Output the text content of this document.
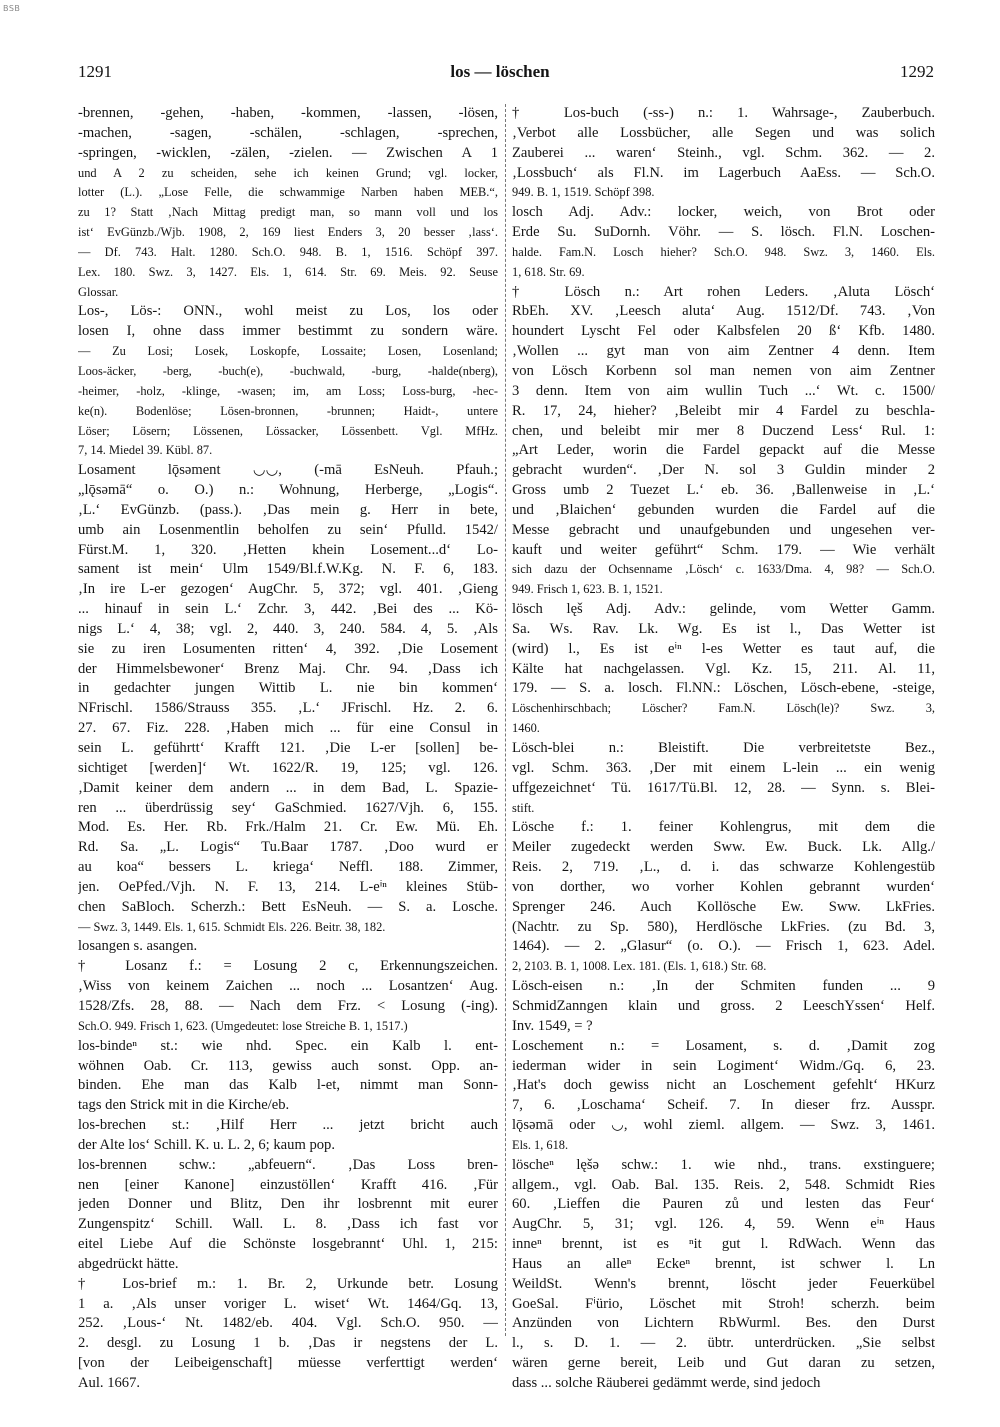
BSB
1291	los — löschen	1292
-brennen, -gehen, -haben, -kommen, -lassen, -lösen,
-machen, -sagen, -schälen, -schlagen, -sprechen,
-springen, -wicklen, -zälen, -zielen. — Zwischen A 1
und A 2 zu scheiden, sehe ich keinen Grund; vgl. locker,
lotter (L.). „Lose Felle, die schwammige Narben haben MEB.“,
zu 1? Statt ‚Nach Mittag predigt man, so mann voll und los
ist‘ EvGünzb./Wjb. 1908, 2, 169 liest Enders 3, 20 besser ‚lass‘.
— Df. 743. Halt. 1280. Sch.O. 948. B. 1, 1516. Schöpf 397.
Lex. 180. Swz. 3, 1427. Els. 1, 614. Str. 69. Meis. 92. Seuse
Glossar.
Los-, Lös-: ONN., wohl meist zu Los, los oder
losen I, ohne dass immer bestimmt zu sondern wäre.
— Zu Losi; Losek, Loskopfe, Lossaite; Losen, Losenland;
Loos-äcker, -berg, -buch(e), -buchwald, -burg, -halde(nberg),
-heimer, -holz, -klinge, -wasen; im, am Loss; Loss-burg, -hec-
ke(n). Bodenlöse; Lösen-bronnen, -brunnen; Haidt-, untere
Löser; Lösern; Lössenen, Lössacker, Lössenbett. Vgl. MfHz.
7, 14. Miedel 39. Kübl. 87.
Losament lǭsəment ◡◡, (-mā EsNeuh. Pfauh.;
„lǭsəmā“ o. O.) n.: Wohnung, Herberge, „Logis“.
‚L.‘ EvGünzb. (pass.). ‚Das mein g. Herr in bete,
umb ain Losenmentlin beholfen zu sein‘ Pfulld. 1542/
Fürst.M. 1, 320. ‚Hetten khein Losement...d‘ Lo-
sament ist mein‘ Ulm 1549/Bl.f.W.Kg. N. F. 6, 183.
‚In ire L-er gezogen‘ AugChr. 5, 372; vgl. 401. ‚Gieng
... hinauf in sein L.‘ Zchr. 3, 442. ‚Bei des ... Kö-
nigs L.‘ 4, 38; vgl. 2, 440. 3, 240. 584. 4, 5. ‚Als
sie zu iren Losumenten ritten‘ 4, 392. ‚Die Losement
der Himmelsbewoner‘ Brenz Maj. Chr. 94. ‚Dass ich
in gedachter jungen Wittib L. nie bin kommen‘
NFrischl. 1586/Strauss 355. ‚L.‘ JFrischl. Hz. 2. 6.
27. 67. Fiz. 228. ‚Haben mich ... für eine Consul in
sein L. geführtt‘ Krafft 121. ‚Die L-er [sollen] be-
sichtiget [werden]‘ Wt. 1622/R. 19, 125; vgl. 126.
‚Damit keiner dem andern ... in dem Bad, L. Spazie-
ren ... überdrüssig sey‘ GaSchmied. 1627/Vjh. 6, 155.
Mod. Es. Her. Rb. Frk./Halm 21. Cr. Ew. Mü. Eh.
Rd. Sa. „L. Logis“ Tu.Baar 1787. ‚Doo wurd er
au koa“ bessers L. kriega‘ Neffl. 188. Zimmer,
jen. OePfed./Vjh. N. F. 13, 214. L-eⁱⁿ kleines Stüb-
chen SaBloch. Scherzh.: Bett EsNeuh. — S. a. Losche.
— Swz. 3, 1449. Els. 1, 615. Schmidt Els. 226. Beitr. 38, 182.
losangen s. asangen.
† Losanz f.: = Losung 2 c, Erkennungszeichen.
‚Wiss von keinem Zaichen ... noch ... Losantzen‘ Aug.
1528/Zfs. 28, 88. — Nach dem Frz. < Losung (-ing).
Sch.O. 949. Frisch 1, 623. (Umgedeutet: lose Streiche B. 1, 1517.)
los-bindeⁿ st.: wie nhd. Spec. ein Kalb l. ent-
wöhnen Oab. Cr. 113, gewiss auch sonst. Opp. an-
binden. Ehe man das Kalb l-et, nimmt man Sonn-
tags den Strick mit in die Kirche/eb.
los-brechen st.: ‚Hilf Herr ... jetzt bricht auch
der Alte los‘ Schill. K. u. L. 2, 6; kaum pop.
los-brennen schw.: „abfeuern“. ‚Das Loss bren-
nen [einer Kanone] einzustöllen‘ Krafft 416. ‚Für
jeden Donner und Blitz, Den ihr losbrennt mit eurer
Zungenspitz‘ Schill. Wall. L. 8. ‚Dass ich fast vor
eitel Liebe Auf die Schönste losgebrannt‘ Uhl. 1, 215:
abgedrückt hätte.
† Los-brief m.: 1. Br. 2, Urkunde betr. Losung
1 a. ‚Als unser voriger L. wiset‘ Wt. 1464/Gq. 13,
252. ‚Lous-‘ Nt. 1482/eb. 404. Vgl. Sch.O. 950. —
2. desgl. zu Losung 1 b. ‚Das ir negstens der L.
[von der Leibeigenschaft] müesse verferttigt werden‘
Aul. 1667.
† Los-buch (-ss-) n.: 1. Wahrsage-, Zauberbuch.
‚Verbot alle Lossbücher, alle Segen und was solich
Zauberei ... waren‘ Steinh., vgl. Schm. 362. — 2.
‚Lossbuch‘ als Fl.N. im Lagerbuch AaEss. — Sch.O.
949. B. 1, 1519. Schöpf 398.
losch Adj. Adv.: locker, weich, von Brot oder
Erde Su. SuDornh. Vöhr. — S. lösch. Fl.N. Loschen-
halde. Fam.N. Losch hieher? Sch.O. 948. Swz. 3, 1460. Els.
1, 618. Str. 69.
† Lösch n.: Art rohen Leders. ‚Aluta Lösch‘
RbEh. XV. ‚Leesch aluta‘ Aug. 1512/Df. 743. ‚Von
houndert Lyscht Fel oder Kalbsfelen 20 ß‘ Kfb. 1480.
‚Wollen ... gyt man von aim Zentner 4 denn. Item
von Lösch Korbenn sol man nemen von aim Zentner
3 denn. Item von aim wullin Tuch ...‘ Wt. c. 1500/
R. 17, 24, hieher? ‚Beleibt mir 4 Fardel zu beschla-
chen, und beleibt mir mer 8 Duczend Less‘ Rul. 1:
„Art Leder, worin die Fardel gepackt auf die Messe
gebracht wurden“. ‚Der N. sol 3 Guldin minder 2
Gross umb 2 Tuezet L.‘ eb. 36. ‚Ballenweise in ‚L.‘
und ‚Blaichen‘ gebunden wurden die Fardel auf die
Messe gebracht und unaufgebunden und ungesehen ver-
kauft und weiter geführt“ Schm. 179. — Wie verhält
sich dazu der Ochsenname ‚Lösch‘ c. 1633/Dma. 4, 98? — Sch.O.
949. Frisch 1, 623. B. 1, 1521.
lösch lęš Adj. Adv.: gelinde, vom Wetter Gamm.
Sa. Ws. Rav. Lk. Wg. Es ist l., Das Wetter ist
(wird) l., Es ist eⁱⁿ l-es Wetter es taut auf, die
Kälte hat nachgelassen. Vgl. Kz. 15, 211. Al. 11,
179. — S. a. losch. Fl.NN.: Löschen, Lösch-ebene, -steige,
Löschenhirschbach; Löscher? Fam.N. Lösch(le)? Swz. 3,
1460.
Lösch-blei n.: Bleistift. Die verbreitetste Bez.,
vgl. Schm. 363. ‚Der mit einem L-lein ... ein wenig
uffgezeichnet‘ Tü. 1617/Tü.Bl. 12, 28. — Synn. s. Blei-
stift.
Lösche f.: 1. feiner Kohlengrus, mit dem die
Meiler zugedeckt werden Sww. Ew. Buck. Lk. Allg./
Reis. 2, 719. ‚L., d. i. das schwarze Kohlengestüb
von dorther, wo vorher Kohlen gebrannt wurden‘
Sprenger 246. Auch Kollösche Ew. Sww. LkFries.
(Nachtr. zu Sp. 580), Herdlösche LkFries. (zu Bd. 3,
1464). — 2. „Glasur“ (o. O.). — Frisch 1, 623. Adel.
2, 2103. B. 1, 1008. Lex. 181. (Els. 1, 618.) Str. 68.
Lösch-eisen n.: ‚In der Schmiten funden ... 9
SchmidZanngen klain und gross. 2 LeeschYssen‘ Helf.
Inv. 1549, = ?
Loschement n.: = Losament, s. d. ‚Damit zog
iederman wider in sein Logiment‘ Widm./Gq. 6, 23.
‚Hat's doch gewiss nicht an Loschement gefehlt‘ HKurz
7, 6. ‚Loschama‘ Scheif. 7. In dieser frz. Ausspr.
lǭsəmā oder ◡, wohl zieml. allgem. — Swz. 3, 1461.
Els. 1, 618.
löscheⁿ lęšə schw.: 1. wie nhd., trans. exstinguere;
allgem., vgl. Oab. Bal. 135. Reis. 2, 548. Schmidt Ries
60. ‚Lieffen die Pauren zů und lesten das Feur‘
AugChr. 5, 31; vgl. 126. 4, 59. Wenn eⁱⁿ Haus
inneⁿ brennt, ist es ⁿit gut l. RdWach. Wenn das
Haus an alleⁿ Eckeⁿ brennt, ist schwer l. Ln
WeildSt. Wenn's brennt, löscht jeder Feuerkübel
GoeSal. Fⁱürio, Löschet mit Stroh! scherzh. beim
Anzünden von Lichtern RbWurml. Bes. den Durst
l., s. D. 1. — 2. übtr. unterdrücken. „Sie selbst
wären gerne bereit, Leib und Gut daran zu setzen,
dass ... solche Räuberei gedämmt werde, sind jedoch
